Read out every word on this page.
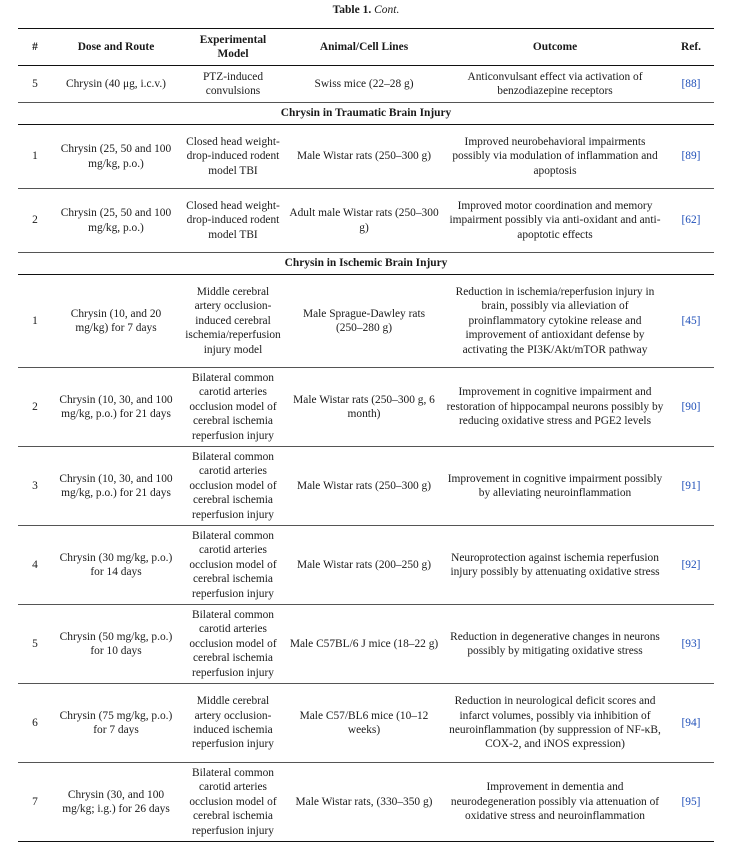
Table 1. Cont.
#	Dose and Route	Experimental Model	Animal/Cell Lines	Outcome	Ref.
5	Chrysin (40 μg, i.c.v.)	PTZ-induced convulsions	Swiss mice (22–28 g)	Anticonvulsant effect via activation of benzodiazepine receptors	[88]
Chrysin in Traumatic Brain Injury					
1	Chrysin (25, 50 and 100 mg/kg, p.o.)	Closed head weight-drop-induced rodent model TBI	Male Wistar rats (250–300 g)	Improved neurobehavioral impairments possibly via modulation of inflammation and apoptosis	[89]
2	Chrysin (25, 50 and 100 mg/kg, p.o.)	Closed head weight-drop-induced rodent model TBI	Adult male Wistar rats (250–300 g)	Improved motor coordination and memory impairment possibly via anti-oxidant and anti-apoptotic effects	[62]
Chrysin in Ischemic Brain Injury					
1	Chrysin (10, and 20 mg/kg) for 7 days	Middle cerebral artery occlusion-induced cerebral ischemia/reperfusion injury model	Male Sprague-Dawley rats (250–280 g)	Reduction in ischemia/reperfusion injury in brain, possibly via alleviation of proinflammatory cytokine release and improvement of antioxidant defense by activating the PI3K/Akt/mTOR pathway	[45]
2	Chrysin (10, 30, and 100 mg/kg, p.o.) for 21 days	Bilateral common carotid arteries occlusion model of cerebral ischemia reperfusion injury	Male Wistar rats (250–300 g, 6 month)	Improvement in cognitive impairment and restoration of hippocampal neurons possibly by reducing oxidative stress and PGE2 levels	[90]
3	Chrysin (10, 30, and 100 mg/kg, p.o.) for 21 days	Bilateral common carotid arteries occlusion model of cerebral ischemia reperfusion injury	Male Wistar rats (250–300 g)	Improvement in cognitive impairment possibly by alleviating neuroinflammation	[91]
4	Chrysin (30 mg/kg, p.o.) for 14 days	Bilateral common carotid arteries occlusion model of cerebral ischemia reperfusion injury	Male Wistar rats (200–250 g)	Neuroprotection against ischemia reperfusion injury possibly by attenuating oxidative stress	[92]
5	Chrysin (50 mg/kg, p.o.) for 10 days	Bilateral common carotid arteries occlusion model of cerebral ischemia reperfusion injury	Male C57BL/6 J mice (18–22 g)	Reduction in degenerative changes in neurons possibly by mitigating oxidative stress	[93]
6	Chrysin (75 mg/kg, p.o.) for 7 days	Middle cerebral artery occlusion-induced ischemia reperfusion injury	Male C57/BL6 mice (10–12 weeks)	Reduction in neurological deficit scores and infarct volumes, possibly via inhibition of neuroinflammation (by suppression of NF-κB, COX-2, and iNOS expression)	[94]
7	Chrysin (30, and 100 mg/kg; i.g.) for 26 days	Bilateral common carotid arteries occlusion model of cerebral ischemia reperfusion injury	Male Wistar rats, (330–350 g)	Improvement in dementia and neurodegeneration possibly via attenuation of oxidative stress and neuroinflammation	[95]
